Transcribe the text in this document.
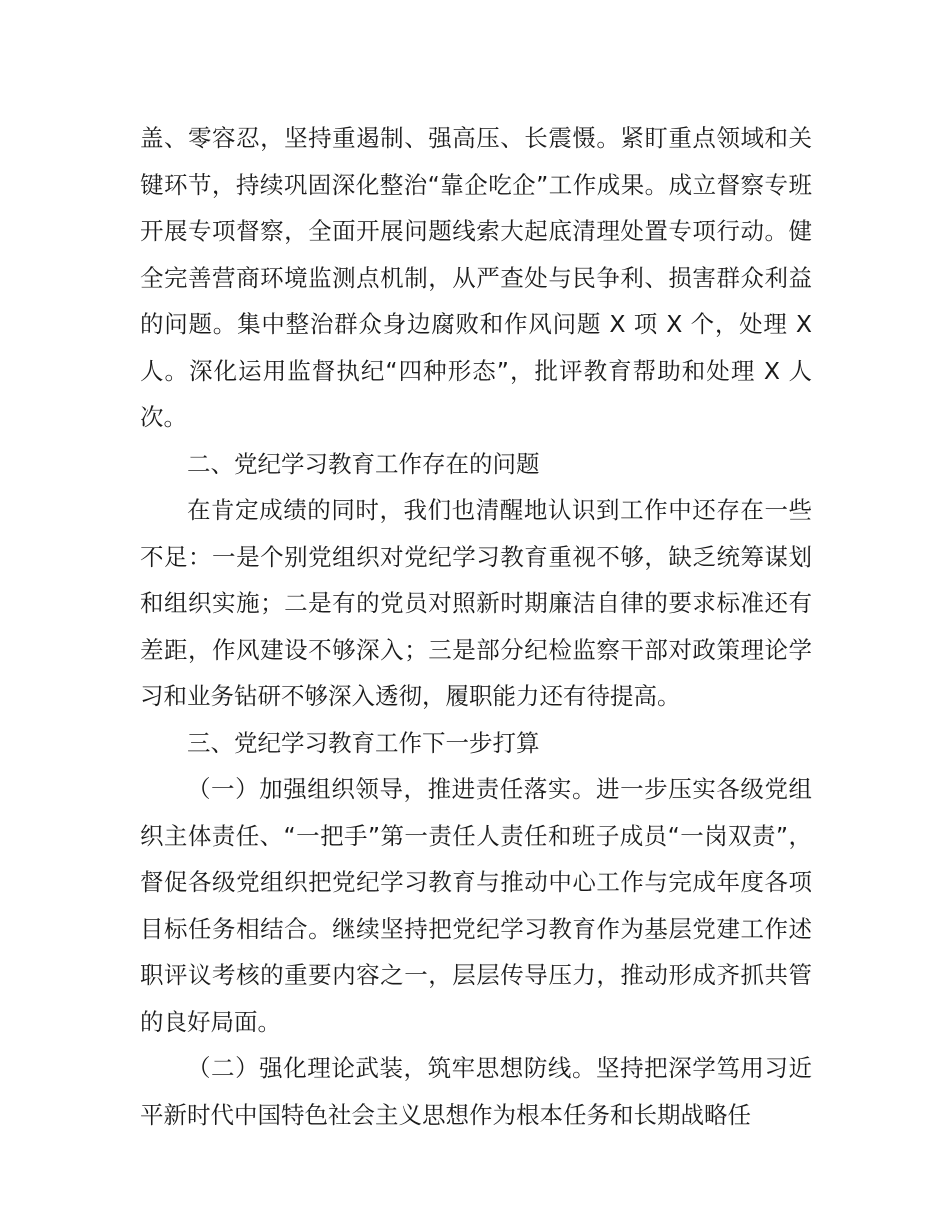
盖、零容忍，坚持重遏制、强高压、长震慑。紧盯重点领域和关键环节，持续巩固深化整治“靠企吃企”工作成果。成立督察专班开展专项督察，全面开展问题线索大起底清理处置专项行动。健全完善营商环境监测点机制，从严查处与民争利、损害群众利益的问题。集中整治群众身边腐败和作风问题 X 项 X 个，处理 X 人。深化运用监督执纪“四种形态”，批评教育帮助和处理 X 人次。

二、党纪学习教育工作存在的问题

在肯定成绩的同时，我们也清醒地认识到工作中还存在一些不足：一是个别党组织对党纪学习教育重视不够，缺乏统筹谋划和组织实施；二是有的党员对照新时期廉洁自律的要求标准还有差距，作风建设不够深入；三是部分纪检监察干部对政策理论学习和业务钻研不够深入透彻，履职能力还有待提高。

三、党纪学习教育工作下一步打算

（一）加强组织领导，推进责任落实。进一步压实各级党组织主体责任、“一把手”第一责任人责任和班子成员“一岗双责”，督促各级党组织把党纪学习教育与推动中心工作与完成年度各项目标任务相结合。继续坚持把党纪学习教育作为基层党建工作述职评议考核的重要内容之一，层层传导压力，推动形成齐抓共管的良好局面。

（二）强化理论武装，筑牢思想防线。坚持把深学笃用习近平新时代中国特色社会主义思想作为根本任务和长期战略任
